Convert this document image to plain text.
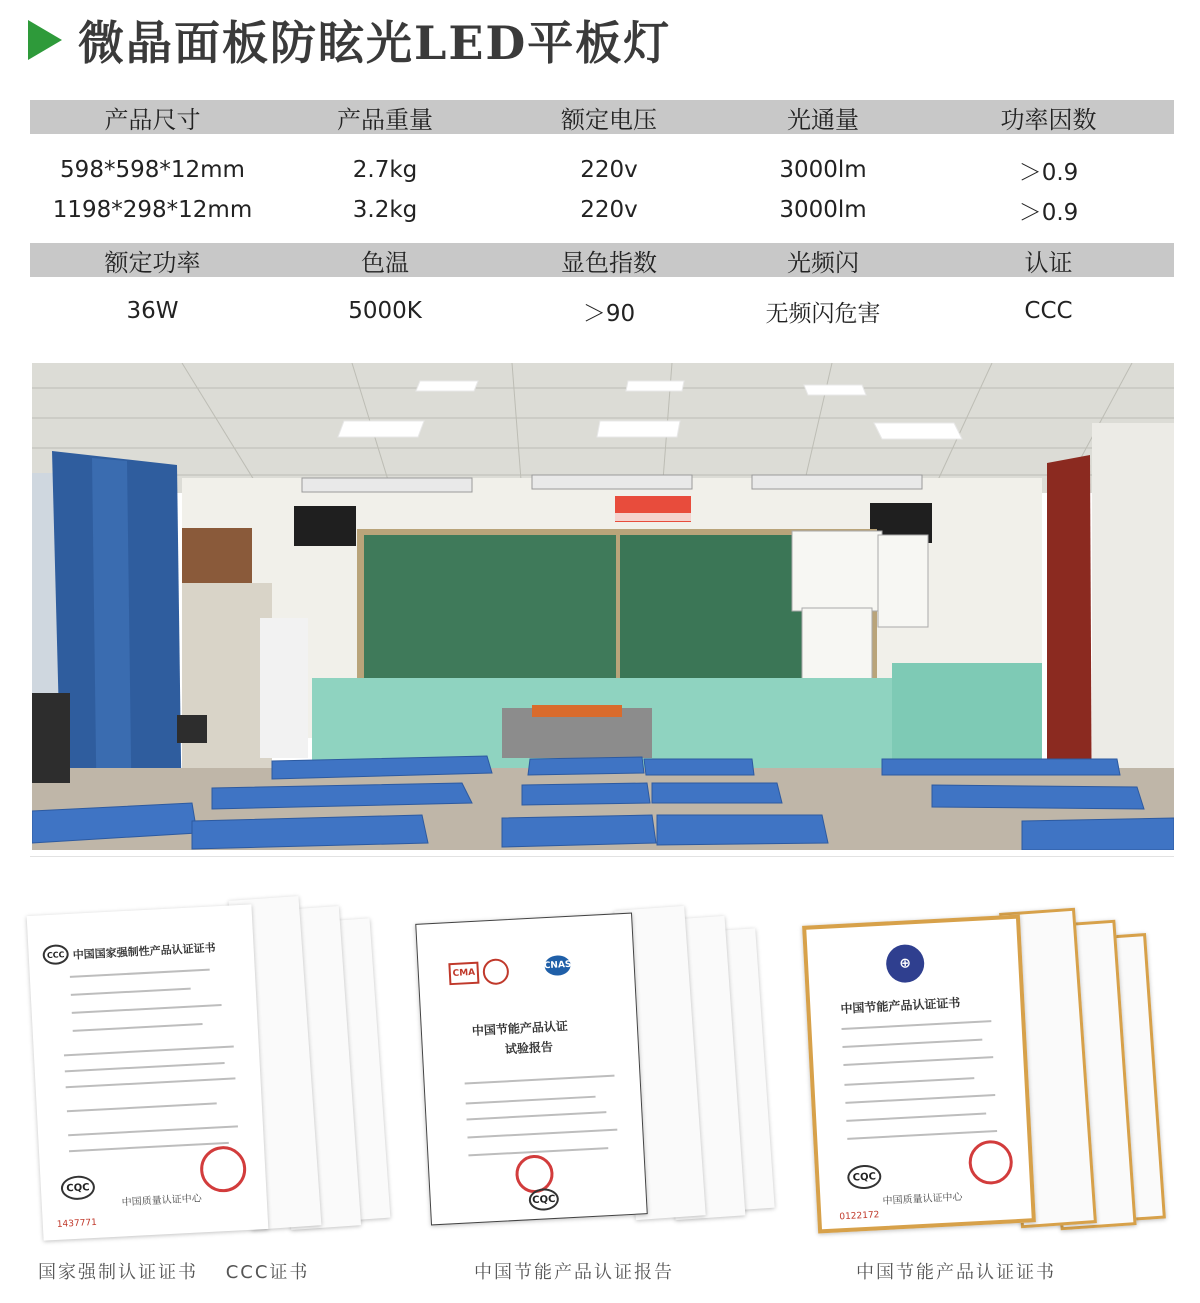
微晶面板防眩光LED平板灯
产品尺寸	产品重量	额定电压	光通量	功率因数
598*598*12mm	2.7kg	220v	3000lm	＞0.9
1198*298*12mm	3.2kg	220v	3000lm	＞0.9
额定功率	色温	显色指数	光频闪	认证
36W	5000K	＞90	无频闪危害	CCC
CCC 中国国家强制性产品认证证书
CQC
中国质量认证中心
1437771
CMA
CNAS
中国节能产品认证
试验报告
CQC
⊕
中国节能产品认证证书
CQC
中国质量认证中心
0122172
国家强制认证证书　 CCC证书	中国节能产品认证报告	中国节能产品认证证书
